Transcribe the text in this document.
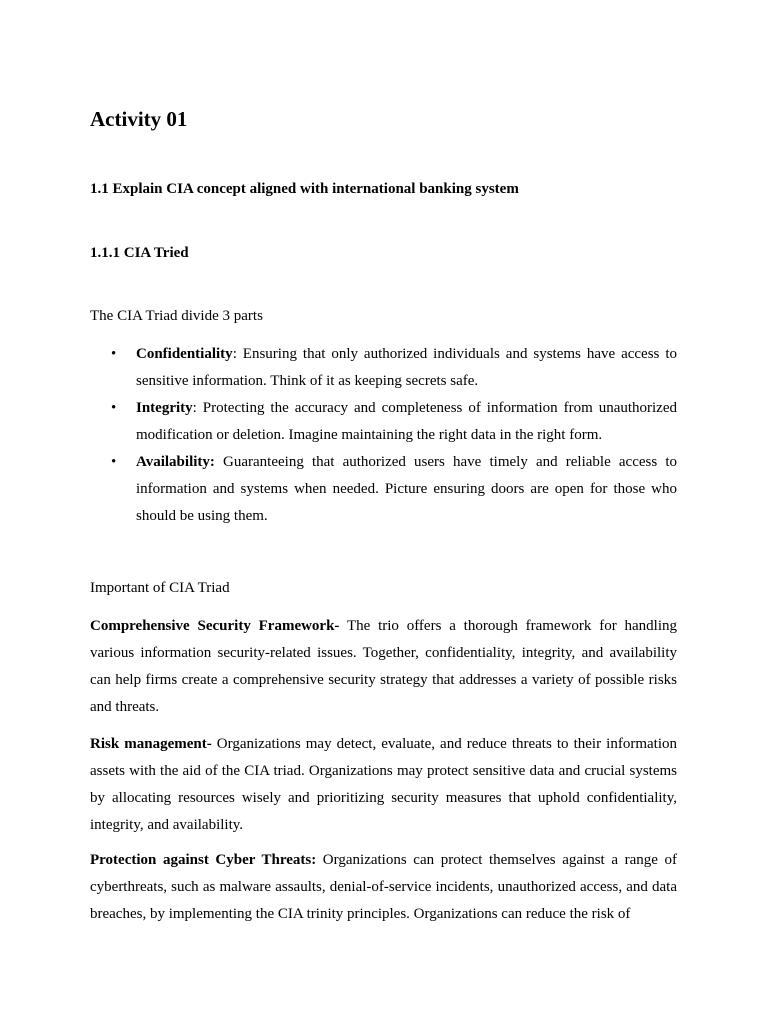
Activity 01
1.1 Explain CIA concept aligned with international banking system
1.1.1 CIA Tried
The CIA Triad divide 3 parts
• Confidentiality: Ensuring that only authorized individuals and systems have access to sensitive information. Think of it as keeping secrets safe.
• Integrity: Protecting the accuracy and completeness of information from unauthorized modification or deletion. Imagine maintaining the right data in the right form.
• Availability: Guaranteeing that authorized users have timely and reliable access to information and systems when needed. Picture ensuring doors are open for those who should be using them.
Important of CIA Triad

Comprehensive Security Framework- The trio offers a thorough framework for handling various information security-related issues. Together, confidentiality, integrity, and availability can help firms create a comprehensive security strategy that addresses a variety of possible risks and threats.

Risk management- Organizations may detect, evaluate, and reduce threats to their information assets with the aid of the CIA triad. Organizations may protect sensitive data and crucial systems by allocating resources wisely and prioritizing security measures that uphold confidentiality, integrity, and availability.

Protection against Cyber Threats: Organizations can protect themselves against a range of cyberthreats, such as malware assaults, denial-of-service incidents, unauthorized access, and data breaches, by implementing the CIA trinity principles. Organizations can reduce the risk of
